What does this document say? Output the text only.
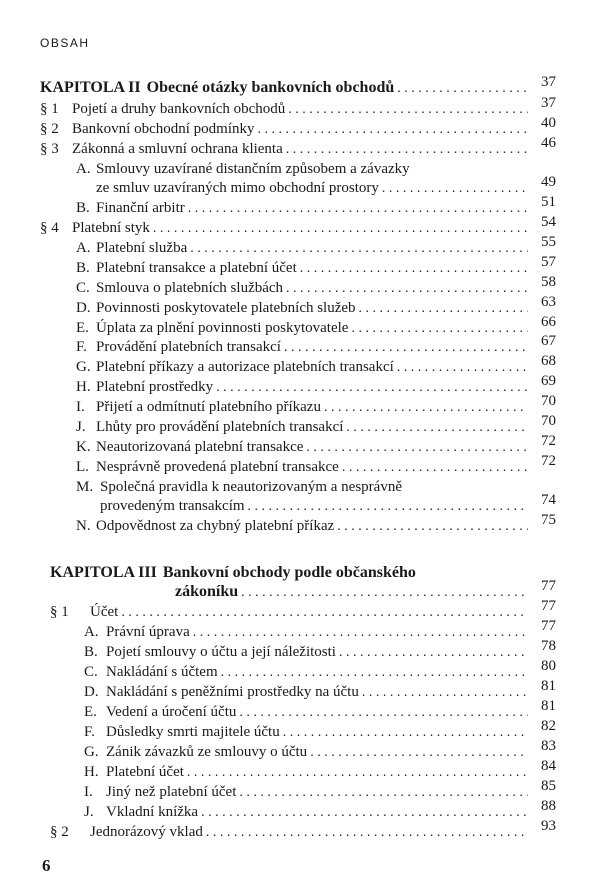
OBSAH
KAPITOLA II Obecné otázky bankovních obchodů . . .	37
§ 1 Pojetí a druhy bankovních obchodů . . .	37
§ 2 Bankovní obchodní podmínky . . .	40
§ 3 Zákonná a smluvní ochrana klienta . . .	46
A. Smlouvy uzavírané distančním způsobem a závazky
ze smluv uzavíraných mimo obchodní prostory . . .	49
B. Finanční arbitr . . .	51
§ 4 Platební styk . . .	54
A. Platební služba . . .	55
B. Platební transakce a platební účet . . .	57
C. Smlouva o platebních službách . . .	58
D. Povinnosti poskytovatele platebních služeb . . .	63
E. Úplata za plnění povinnosti poskytovatele . . .	66
F. Provádění platebních transakcí . . .	67
G. Platební příkazy a autorizace platebních transakcí . . .	68
H. Platební prostředky . . .	69
I. Přijetí a odmítnutí platebního příkazu . . .	70
J. Lhůty pro provádění platebních transakcí . . .	70
K. Neautorizovaná platební transakce . . .	72
L. Nesprávně provedená platební transakce . . .	72
M. Společná pravidla k neautorizovaným a nesprávně
provedeným transakcím . . .	74
N. Odpovědnost za chybný platební příkaz . . .	75
KAPITOLA III Bankovní obchody podle občanského
zákoníku . . .	77
§ 1	Účet . . .	77
A. Právní úprava . . .	77
B. Pojetí smlouvy o účtu a její náležitosti . . .	78
C. Nakládání s účtem . . .	80
D. Nakládání s peněžními prostředky na účtu . . .	81
E. Vedení a úročení účtu . . .	81
F. Důsledky smrti majitele účtu . . .	82
G. Zánik závazků ze smlouvy o účtu . . .	83
H. Platební účet . . .	84
I. Jiný než platební účet . . .	85
J. Vkladní knížka . . .	88
§ 2	Jednorázový vklad . . .	93
6
